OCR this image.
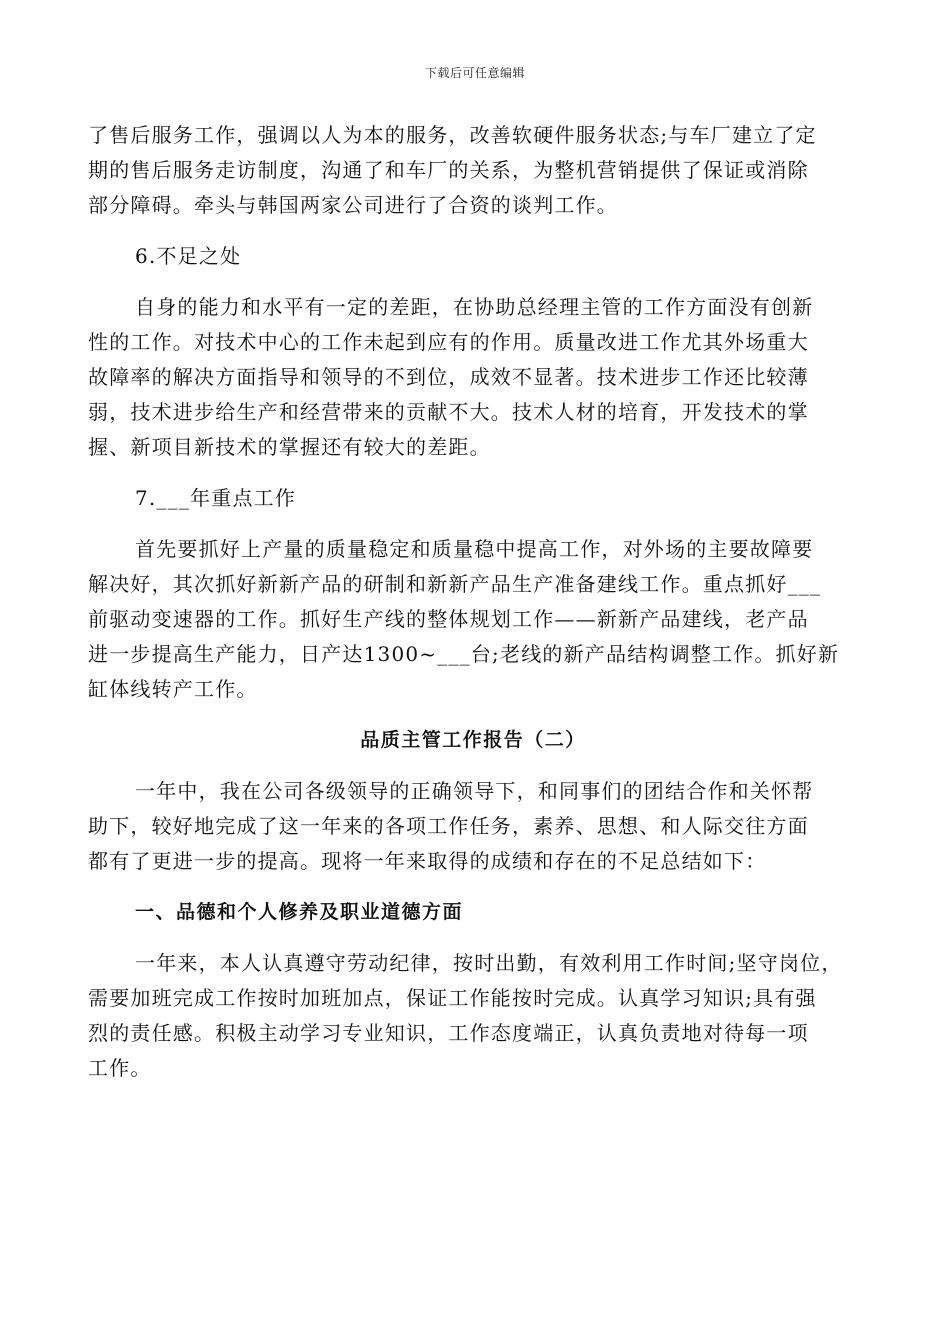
下载后可任意编辑
了售后服务工作，强调以人为本的服务，改善软硬件服务状态;与车厂建立了定
期的售后服务走访制度，沟通了和车厂的关系，为整机营销提供了保证或消除
部分障碍。牵头与韩国两家公司进行了合资的谈判工作。
6.不足之处
自身的能力和水平有一定的差距，在协助总经理主管的工作方面没有创新
性的工作。对技术中心的工作未起到应有的作用。质量改进工作尤其外场重大
故障率的解决方面指导和领导的不到位，成效不显著。技术进步工作还比较薄
弱，技术进步给生产和经营带来的贡献不大。技术人材的培育，开发技术的掌
握、新项目新技术的掌握还有较大的差距。
7.___年重点工作
首先要抓好上产量的质量稳定和质量稳中提高工作，对外场的主要故障要
解决好，其次抓好新新产品的研制和新新产品生产准备建线工作。重点抓好___
前驱动变速器的工作。抓好生产线的整体规划工作——新新产品建线，老产品
进一步提高生产能力，日产达1300~___台;老线的新产品结构调整工作。抓好新
缸体线转产工作。
品质主管工作报告（二）
一年中，我在公司各级领导的正确领导下，和同事们的团结合作和关怀帮
助下，较好地完成了这一年来的各项工作任务，素养、思想、和人际交往方面
都有了更进一步的提高。现将一年来取得的成绩和存在的不足总结如下：
一、品德和个人修养及职业道德方面
一年来，本人认真遵守劳动纪律，按时出勤，有效利用工作时间;坚守岗位，
需要加班完成工作按时加班加点，保证工作能按时完成。认真学习知识;具有强
烈的责任感。积极主动学习专业知识，工作态度端正，认真负责地对待每一项
工作。
